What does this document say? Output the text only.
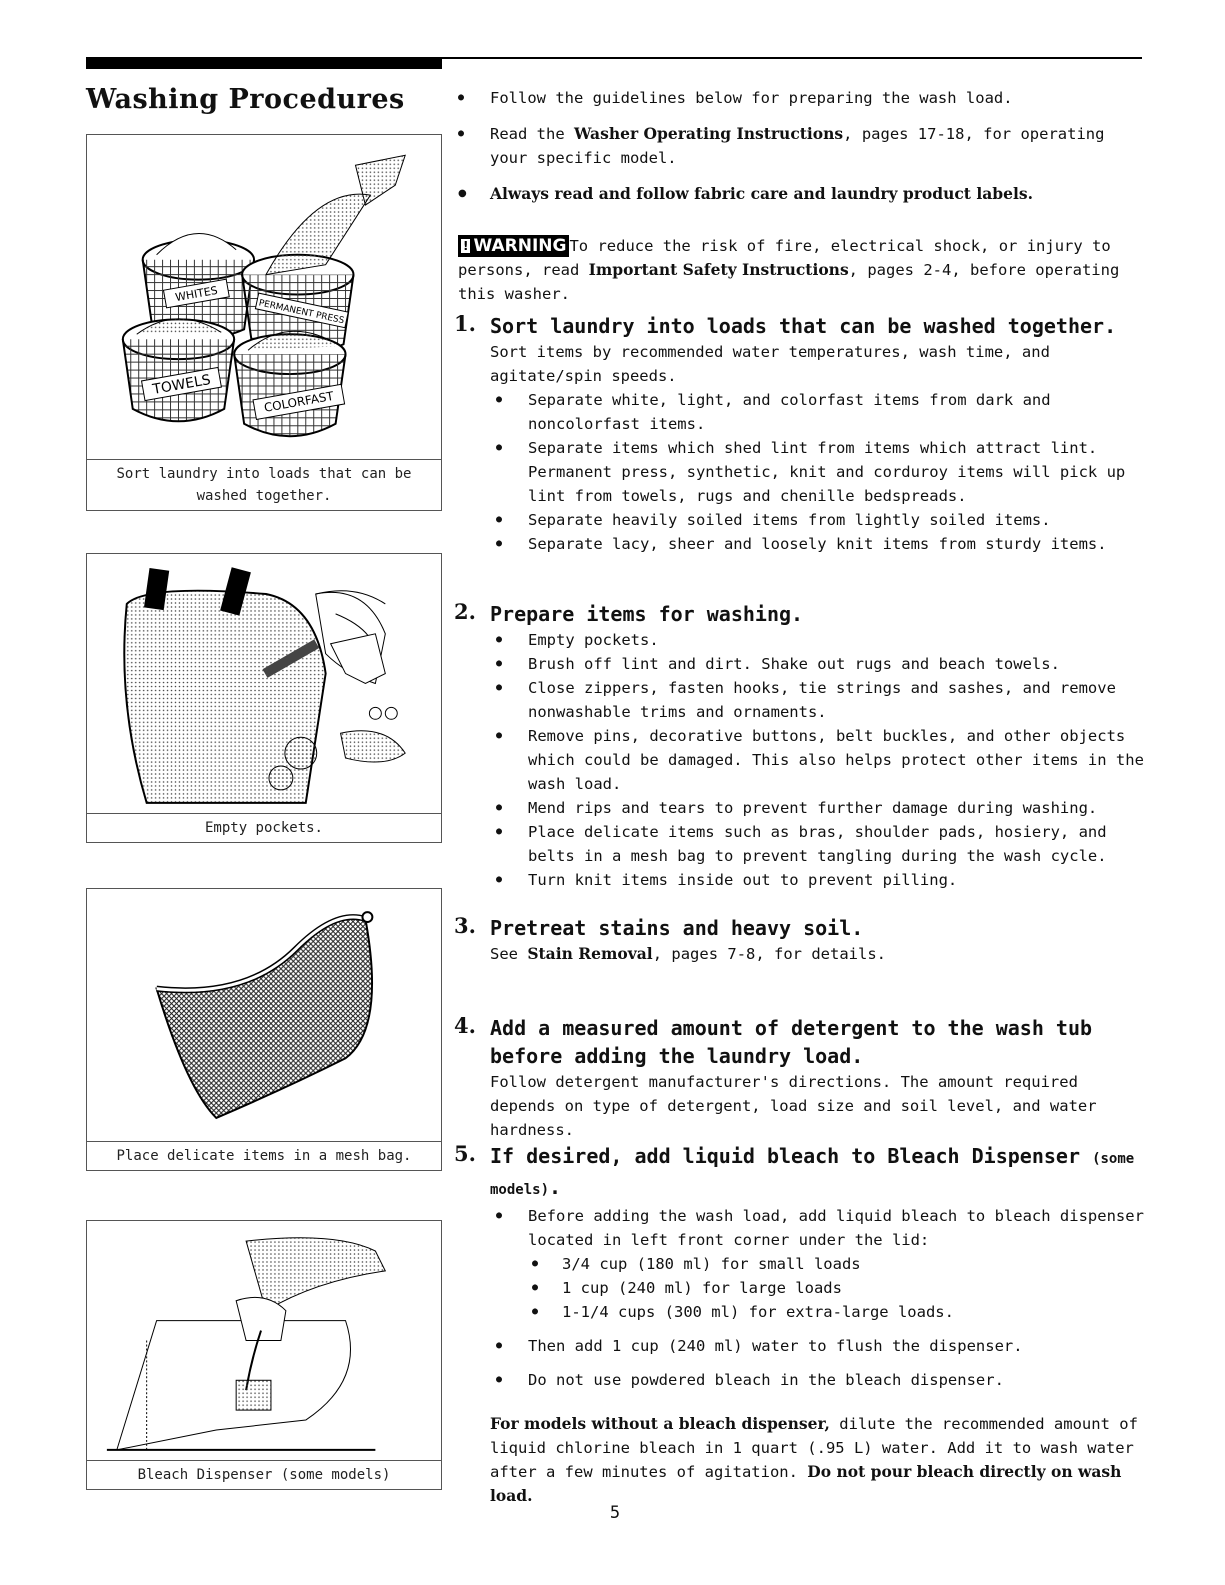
Washing Procedures
WHITES
PERMANENT PRESS
TOWELS
COLORFAST
Sort laundry into loads that can be washed together.
Empty pockets.
Place delicate items in a mesh bag.
Bleach Dispenser (some models)
● Follow the guidelines below for preparing the wash load.
● Read the Washer Operating Instructions, pages 17-18, for operating your specific model.
● Always read and follow fabric care and laundry product labels.
! WARNING To reduce the risk of fire, electrical shock, or injury to persons, read Important Safety Instructions, pages 2-4, before operating this washer.
1. Sort laundry into loads that can be washed together.
Sort items by recommended water temperatures, wash time, and agitate/spin speeds.
● Separate white, light, and colorfast items from dark and noncolorfast items.
● Separate items which shed lint from items which attract lint. Permanent press, synthetic, knit and corduroy items will pick up lint from towels, rugs and chenille bedspreads.
● Separate heavily soiled items from lightly soiled items.
● Separate lacy, sheer and loosely knit items from sturdy items.
2. Prepare items for washing.
● Empty pockets.
● Brush off lint and dirt. Shake out rugs and beach towels.
● Close zippers, fasten hooks, tie strings and sashes, and remove nonwashable trims and ornaments.
● Remove pins, decorative buttons, belt buckles, and other objects which could be damaged. This also helps protect other items in the wash load.
● Mend rips and tears to prevent further damage during washing.
● Place delicate items such as bras, shoulder pads, hosiery, and belts in a mesh bag to prevent tangling during the wash cycle.
● Turn knit items inside out to prevent pilling.
3. Pretreat stains and heavy soil.
See Stain Removal, pages 7-8, for details.
4. Add a measured amount of detergent to the wash tub before adding the laundry load.
Follow detergent manufacturer's directions. The amount required depends on type of detergent, load size and soil level, and water hardness.
5. If desired, add liquid bleach to Bleach Dispenser (some models).
● Before adding the wash load, add liquid bleach to bleach dispenser located in left front corner under the lid:
● 3/4 cup (180 ml) for small loads
● 1 cup (240 ml) for large loads
● 1-1/4 cups (300 ml) for extra-large loads.
● Then add 1 cup (240 ml) water to flush the dispenser.
● Do not use powdered bleach in the bleach dispenser.
For models without a bleach dispenser, dilute the recommended amount of liquid chlorine bleach in 1 quart (.95 L) water. Add it to wash water after a few minutes of agitation. Do not pour bleach directly on wash load.
5
